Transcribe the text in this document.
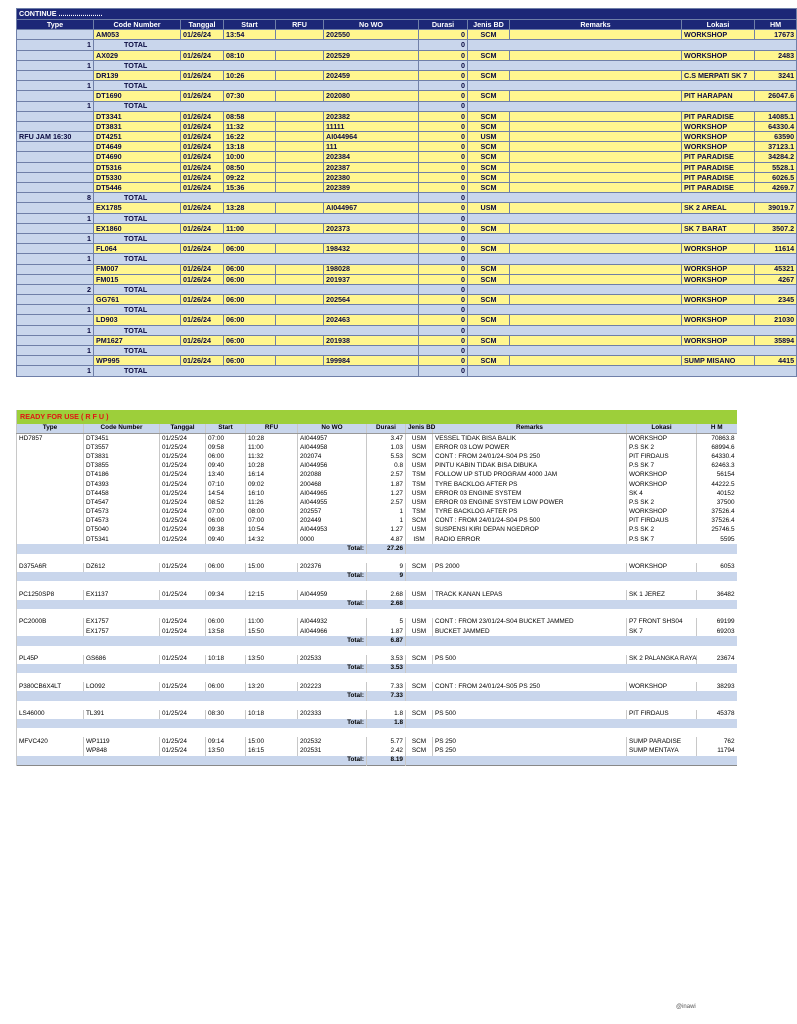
CONTINUE ......................										
Type	Code Number	Tanggal	Start	RFU	No WO	Durasi	Jenis BD	Remarks	Lokasi	HM
	AM053	01/26/24	13:54		202550	0	SCM		WORKSHOP	17673
1	TOTAL					0				
	AX029	01/26/24	08:10		202529	0	SCM		WORKSHOP	2483
1	TOTAL					0				
	DR139	01/26/24	10:26		202459	0	SCM		C.S MERPATI SK 7	3241
1	TOTAL					0				
	DT1690	01/26/24	07:30		202080	0	SCM		PIT HARAPAN	26047.6
1	TOTAL					0				
	DT3341	01/26/24	08:58		202382	0	SCM		PIT PARADISE	14085.1
	DT3831	01/26/24	11:32		11111	0	SCM		WORKSHOP	64330.4
RFU JAM 16:30	DT4251	01/26/24	16:22		AI044964	0	USM		WORKSHOP	63590
	DT4649	01/26/24	13:18		111	0	SCM		WORKSHOP	37123.1
	DT4690	01/26/24	10:00		202384	0	SCM		PIT PARADISE	34284.2
	DT5316	01/26/24	08:50		202387	0	SCM		PIT PARADISE	5528.1
	DT5330	01/26/24	09:22		202380	0	SCM		PIT PARADISE	6026.5
	DT5446	01/26/24	15:36		202389	0	SCM		PIT PARADISE	4269.7
8	TOTAL					0				
	EX1785	01/26/24	13:28		AI044967	0	USM		SK 2 AREAL	39019.7
1	TOTAL					0				
	EX1860	01/26/24	11:00		202373	0	SCM		SK 7 BARAT	3507.2
1	TOTAL					0				
	FL064	01/26/24	06:00		198432	0	SCM		WORKSHOP	11614
1	TOTAL					0				
	FM007	01/26/24	06:00		198028	0	SCM		WORKSHOP	45321
	FM015	01/26/24	06:00		201937	0	SCM		WORKSHOP	4267
2	TOTAL					0				
	GG761	01/26/24	06:00		202564	0	SCM		WORKSHOP	2345
1	TOTAL					0				
	LD903	01/26/24	06:00		202463	0	SCM		WORKSHOP	21030
1	TOTAL					0				
	PM1627	01/26/24	06:00		201938	0	SCM		WORKSHOP	35894
1	TOTAL					0				
	WP995	01/26/24	06:00		199984	0	SCM		SUMP MISANO	4415
1	TOTAL					0				
READY FOR USE ( R F U )										
Type	Code Number	Tanggal	Start	RFU	No WO	Durasi	Jenis BD	Remarks	Lokasi	H M
HD7857	DT3451	01/25/24	07:00	10:28	AI044957	3.47	USM	VESSEL TIDAK BISA BALIK	WORKSHOP	70863.8
	DT3557	01/25/24	09:58	11:00	AI044958	1.03	USM	ERROR 03 LOW POWER	P.S SK 2	68994.6
	DT3831	01/25/24	06:00	11:32	202074	5.53	SCM	CONT : FROM 24/01/24-S04 PS 250	PIT FIRDAUS	64330.4
	DT3855	01/25/24	09:40	10:28	AI044956	0.8	USM	PINTU KABIN TIDAK BISA DIBUKA	P.S SK 7	62463.3
	DT4186	01/25/24	13:40	16:14	202088	2.57	TSM	FOLLOW UP STUD PROGRAM 4000 JAM	WORKSHOP	56154
	DT4393	01/25/24	07:10	09:02	200468	1.87	TSM	TYRE BACKLOG AFTER PS	WORKSHOP	44222.5
	DT4458	01/25/24	14:54	16:10	AI044965	1.27	USM	ERROR 03 ENGINE SYSTEM	SK 4	40152
	DT4547	01/25/24	08:52	11:26	AI044955	2.57	USM	ERROR 03 ENGINE SYSTEM LOW POWER	P.S SK 2	37500
	DT4573	01/25/24	07:00	08:00	202557	1	TSM	TYRE BACKLOG AFTER PS	WORKSHOP	37526.4
	DT4573	01/25/24	06:00	07:00	202449	1	SCM	CONT : FROM 24/01/24-S04 PS 500	PIT FIRDAUS	37526.4
	DT5040	01/25/24	09:38	10:54	AI044953	1.27	USM	SUSPENSI KIRI DEPAN NGEDROP	P.S SK 2	25746.5
	DT5341	01/25/24	09:40	14:32	0000	4.87	ISM	RADIO ERROR	P.S SK 7	5595
Total:						27.26				

D375A6R	DZ612	01/25/24	06:00	15:00	202376	9	SCM	PS 2000	WORKSHOP	6053
Total:						9				

PC1250SP8	EX1137	01/25/24	09:34	12:15	AI044959	2.68	USM	TRACK KANAN LEPAS	SK 1 JEREZ	36482
Total:						2.68				

PC2000B	EX1757	01/25/24	06:00	11:00	AI044932	5	USM	CONT : FROM 23/01/24-S04 BUCKET JAMMED	P7 FRONT SHS04	69199
	EX1757	01/25/24	13:58	15:50	AI044966	1.87	USM	BUCKET JAMMED	SK 7	69203
Total:						6.87				

PL45P	GS686	01/25/24	10:18	13:50	202533	3.53	SCM	PS 500	SK 2 PALANGKA RAYA	23674
Total:						3.53				

P380CB6X4LT	LO092	01/25/24	06:00	13:20	202223	7.33	SCM	CONT : FROM 24/01/24-S05 PS 250	WORKSHOP	38293
Total:						7.33				

LS46000	TL391	01/25/24	08:30	10:18	202333	1.8	SCM	PS 500	PIT FIRDAUS	45378
Total:						1.8				

MFVC420	WP1119	01/25/24	09:14	15:00	202532	5.77	SCM	PS 250	SUMP PARADISE	762
	WP848	01/25/24	13:50	16:15	202531	2.42	SCM	PS 250	SUMP MENTAYA	11794
Total:						8.19				
@inawi
